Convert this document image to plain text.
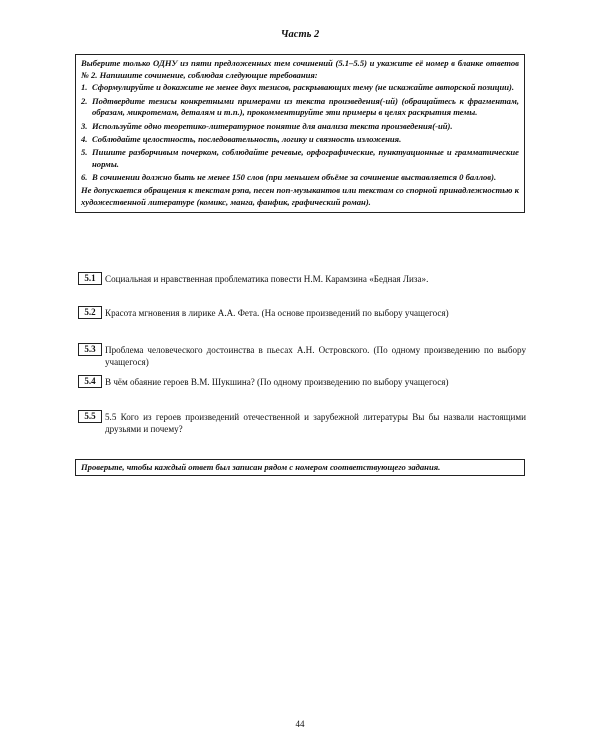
Часть 2

Выберите только ОДНУ из пяти предложенных тем сочинений (5.1–5.5) и укажите её номер в бланке ответов № 2. Напишите сочинение, соблюдая следующие требования:

1. Сформулируйте и докажите не менее двух тезисов, раскрывающих тему (не искажайте авторской позиции).
2. Подтвердите тезисы конкретными примерами из текста произведения(-ий) (обращайтесь к фрагментам, образам, микротемам, деталям и т.п.), прокомментируйте эти примеры в целях раскрытия темы.
3. Используйте одно теоретико-литературное понятие для анализа текста произведения(-ий).
4. Соблюдайте целостность, последовательность, логику и связность изложения.
5. Пишите разборчивым почерком, соблюдайте речевые, орфографические, пунктуационные и грамматические нормы.
6. В сочинении должно быть не менее 150 слов (при меньшем объёме за сочинение выставляется 0 баллов).

Не допускается обращения к текстам рэпа, песен поп-музыкантов или текстам со спорной принадлежностью к художественной литературе (комикс, манга, фанфик, графический роман).

5.1	Социальная и нравственная проблематика повести Н.М. Карамзина «Бедная Лиза».
5.2	Красота мгновения в лирике А.А. Фета. (На основе произведений по выбору учащегося)
5.3	Проблема человеческого достоинства в пьесах А.Н. Островского. (По одному произведению по выбору учащегося)
5.4	В чём обаяние героев В.М. Шукшина? (По одному произведению по выбору учащегося)
5.5	5.5 Кого из героев произведений отечественной и зарубежной литературы Вы бы назвали настоящими друзьями и почему?
Проверьте, чтобы каждый ответ был записан рядом с номером соответствующего задания.
44
